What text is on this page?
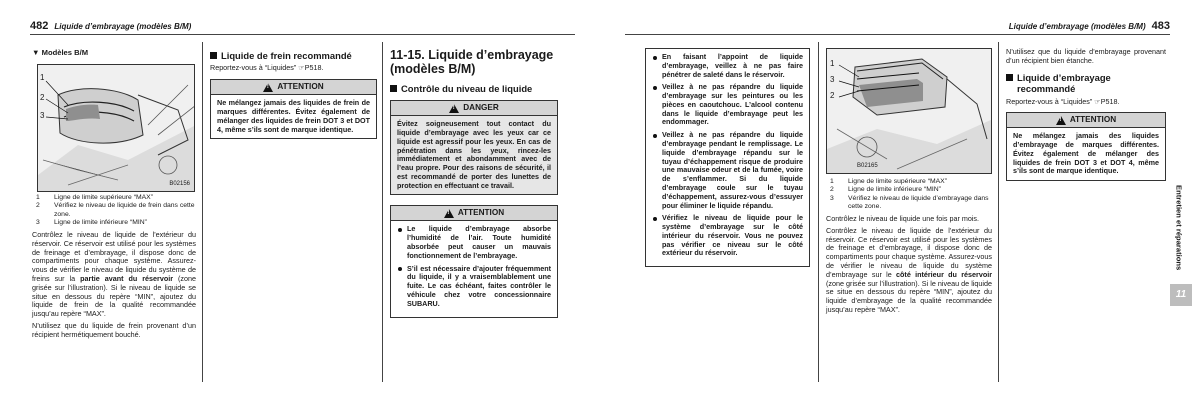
482 Liquide d’embrayage (modèles B/M)	Liquide d’embrayage (modèles B/M) 483
▼ Modèles B/M
1
2
3
B02156
1	Ligne de limite supérieure “MAX”
2	Vérifiez le niveau de liquide de frein dans cette zone.
3	Ligne de limite inférieure “MIN”

Contrôlez le niveau de liquide de l’extérieur du réservoir. Ce réservoir est utilisé pour les systèmes de freinage et d’embrayage, il dispose donc de compartiments pour chaque système. Assurez-vous de vérifier le niveau de liquide du système de freins sur la partie avant du réservoir (zone grisée sur l’illustration). Si le niveau de liquide se situe en dessous du repère “MIN”, ajoutez du liquide de frein de la qualité recommandée jusqu’au repère “MAX”.

N’utilisez que du liquide de frein provenant d’un récipient hermétiquement bouché.

Liquide de frein recommandé
Reportez-vous à “Liquides” ☞P518.
!
ATTENTION
Ne mélangez jamais des liquides de frein de marques différentes. Évitez également de mélanger des liquides de frein DOT 3 et DOT 4, même s’ils sont de marque identique.
11-15. Liquide d’embrayage (modèles B/M)
Contrôle du niveau de liquide
!
DANGER
Évitez soigneusement tout contact du liquide d’embrayage avec les yeux car ce liquide est agressif pour les yeux. En cas de pénétration dans les yeux, rincez-les immédiatement et abondamment avec de l’eau propre. Pour des raisons de sécurité, il est recommandé de porter des lunettes de protection en effectuant ce travail.
!
ATTENTION
Le liquide d’embrayage absorbe l’humidité de l’air. Toute humidité absorbée peut causer un mauvais fonctionnement de l’embrayage.
S’il est nécessaire d’ajouter fréquemment du liquide, il y a vraisemblablement une fuite. Le cas échéant, faites contrôler le véhicule chez votre concessionnaire SUBARU.
En faisant l’appoint de liquide d’embrayage, veillez à ne pas faire pénétrer de saleté dans le réservoir.
Veillez à ne pas répandre du liquide d’embrayage sur les peintures ou les pièces en caoutchouc. L’alcool contenu dans le liquide d’embrayage peut les endommager.
Veillez à ne pas répandre du liquide d’embrayage pendant le remplissage. Le liquide d’embrayage répandu sur le tuyau d’échappement risque de produire une mauvaise odeur et de la fumée, voire de s’enflammer. Si du liquide d’embrayage coule sur le tuyau d’échappement, assurez-vous d’essuyer pour éliminer le liquide répandu.
Vérifiez le niveau de liquide pour le système d’embrayage sur le côté intérieur du réservoir. Vous ne pouvez pas vérifier ce niveau sur le côté extérieur du réservoir.
1
3
2
B02165
1	Ligne de limite supérieure “MAX”
2	Ligne de limite inférieure “MIN”
3	Vérifiez le niveau de liquide d’embrayage dans cette zone.

Contrôlez le niveau de liquide une fois par mois.

Contrôlez le niveau de liquide de l’extérieur du réservoir. Ce réservoir est utilisé pour les systèmes de freinage et d’embrayage, il dispose donc de compartiments pour chaque système. Assurez-vous de vérifier le niveau de liquide du système d’embrayage sur le côté intérieur du réservoir (zone grisée sur l’illustration). Si le niveau de liquide se situe en dessous du repère “MIN”, ajoutez du liquide d’embrayage de la qualité recommandée jusqu’au repère “MAX”.

N’utilisez que du liquide d’embrayage provenant d’un récipient bien étanche.

Liquide d’embrayage recommandé
Reportez-vous à “Liquides” ☞P518.
!
ATTENTION
Ne mélangez jamais des liquides d’embrayage de marques différentes. Évitez également de mélanger des liquides de frein DOT 3 et DOT 4, même s’ils sont de marque identique.
Entretien et réparations
11
